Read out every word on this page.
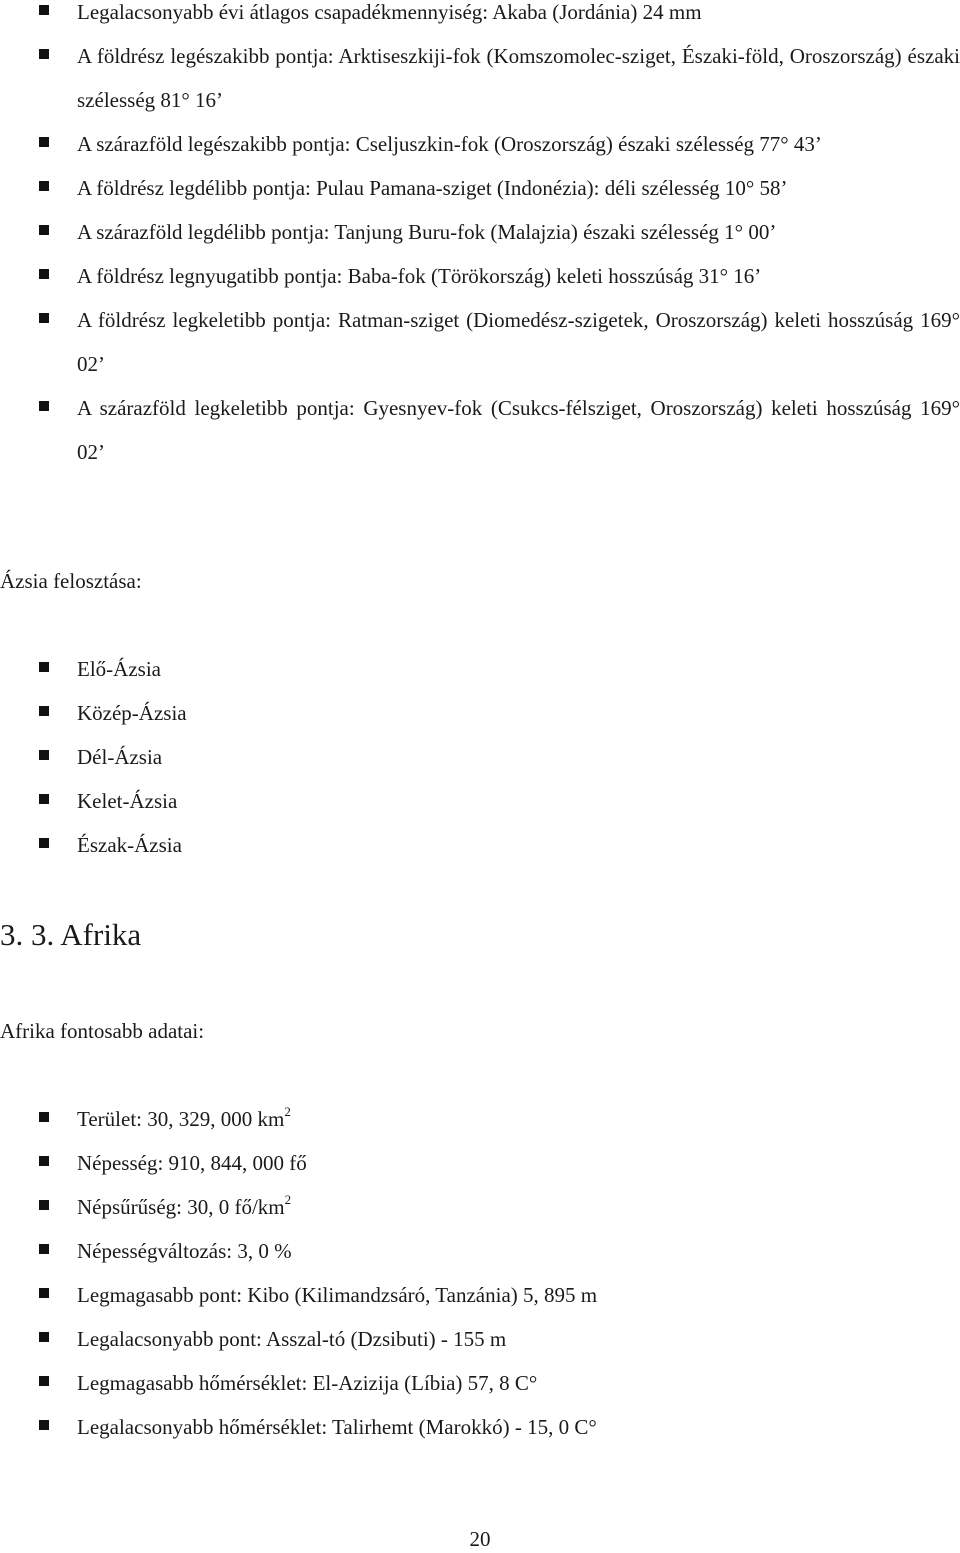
Legalacsonyabb évi átlagos csapadékmennyiség: Akaba (Jordánia) 24 mm
A földrész legészakibb pontja: Arktiseszkiji-fok (Komszomolec-sziget, Északi-föld, Oroszország) északi szélesség 81° 16’
A szárazföld legészakibb pontja: Cseljuszkin-fok (Oroszország) északi szélesség 77° 43’
A földrész legdélibb pontja: Pulau Pamana-sziget (Indonézia): déli szélesség 10° 58’
A szárazföld legdélibb pontja: Tanjung Buru-fok (Malajzia) északi szélesség 1° 00’
A földrész legnyugatibb pontja: Baba-fok (Törökország) keleti hosszúság 31° 16’
A földrész legkeletibb pontja: Ratman-sziget (Diomedész-szigetek, Oroszország) keleti hosszúság 169° 02’
A szárazföld legkeletibb pontja: Gyesnyev-fok (Csukcs-félsziget, Oroszország) keleti hosszúság 169° 02’

Ázsia felosztása:

Elő-Ázsia
Közép-Ázsia
Dél-Ázsia
Kelet-Ázsia
Észak-Ázsia
3. 3. Afrika

Afrika fontosabb adatai:

Terület: 30, 329, 000 $km^2$
Népesség: 910, 844, 000 fő
Népsűrűség: 30, 0 $fő/km^2$
Népességváltozás: 3, 0 %
Legmagasabb pont: Kibo (Kilimandzsáró, Tanzánia) 5, 895 m
Legalacsonyabb pont: Asszal-tó (Dzsibuti) - 155 m
Legmagasabb hőmérséklet: El-Azizija (Líbia) 57, 8 C°
Legalacsonyabb hőmérséklet: Talirhemt (Marokkó) - 15, 0 C°
20
